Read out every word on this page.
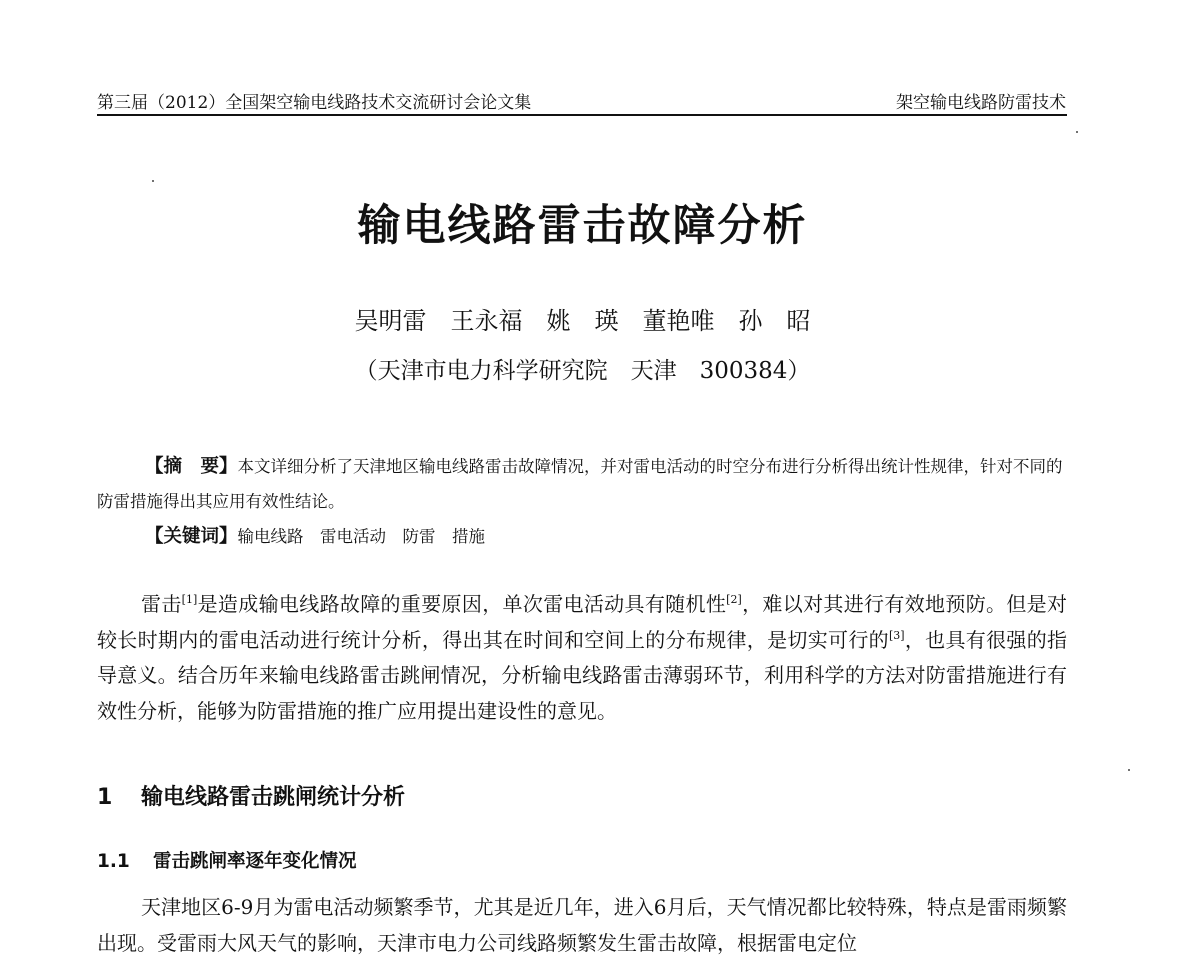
第三届（2012）全国架空输电线路技术交流研讨会论文集	架空输电线路防雷技术
输电线路雷击故障分析
吴明雷　王永福　姚　瑛　董艳唯　孙　昭
（天津市电力科学研究院　天津　300384）

【摘　要】本文详细分析了天津地区输电线路雷击故障情况，并对雷电活动的时空分布进行分析得出统计性规律，针对不同的防雷措施得出其应用有效性结论。

【关键词】输电线路　雷电活动　防雷　措施

雷击[1]是造成输电线路故障的重要原因，单次雷电活动具有随机性[2]，难以对其进行有效地预防。但是对较长时期内的雷电活动进行统计分析，得出其在时间和空间上的分布规律，是切实可行的[3]，也具有很强的指导意义。结合历年来输电线路雷击跳闸情况，分析输电线路雷击薄弱环节，利用科学的方法对防雷措施进行有效性分析，能够为防雷措施的推广应用提出建设性的意见。

1 输电线路雷击跳闸统计分析
1.1 雷击跳闸率逐年变化情况

天津地区6-9月为雷电活动频繁季节，尤其是近几年，进入6月后，天气情况都比较特殊，特点是雷雨频繁出现。受雷雨大风天气的影响，天津市电力公司线路频繁发生雷击故障，根据雷电定位
